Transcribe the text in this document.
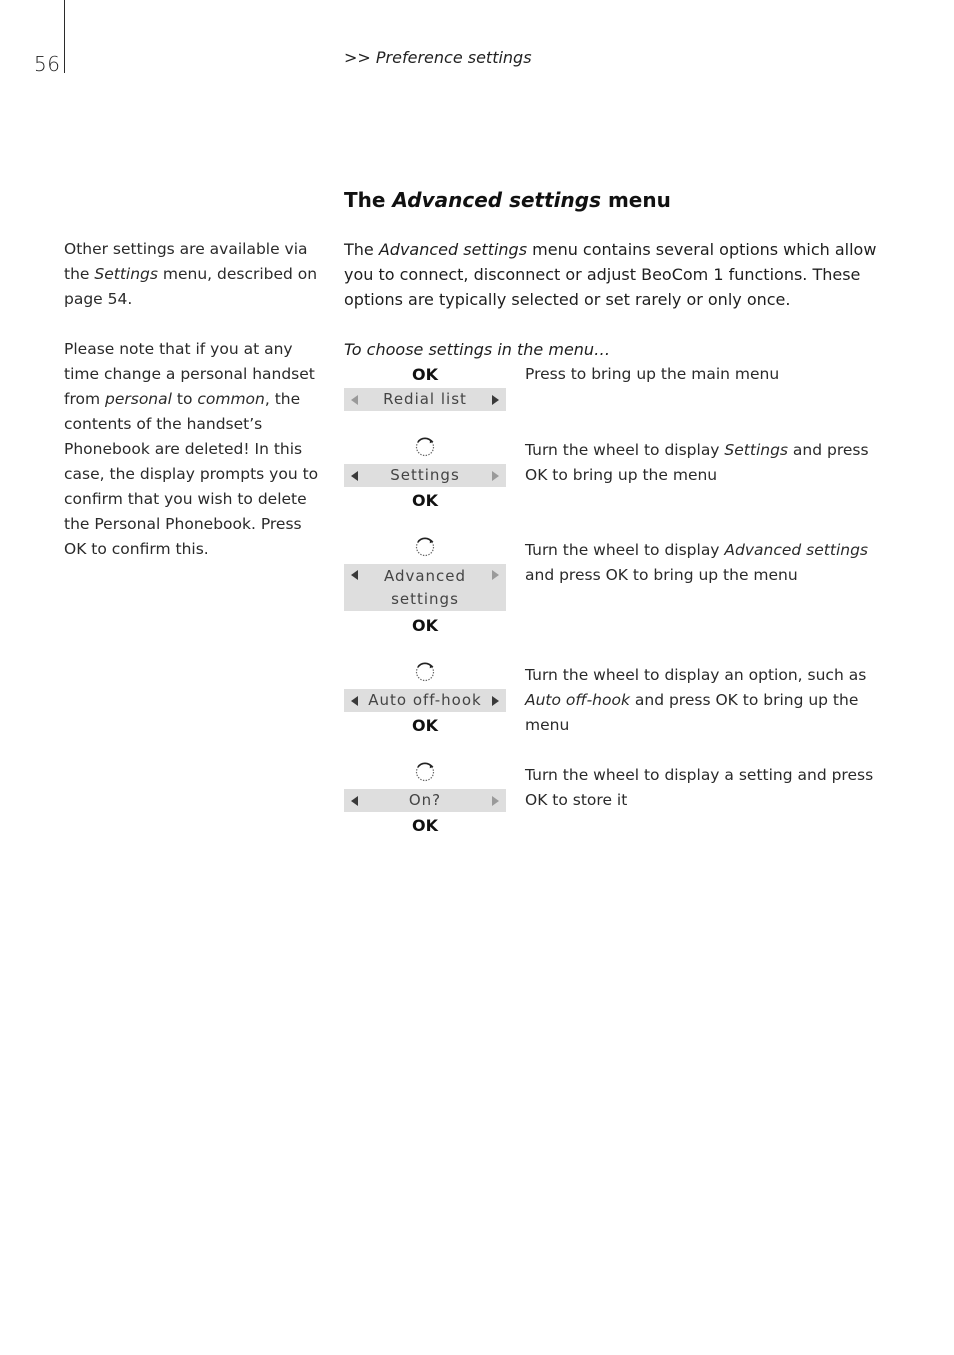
56	>> Preference settings
The Advanced settings menu
Other settings are available via the Settings menu, described on page 54.
Please note that if you at any time change a personal handset from personal to common, the contents of the handset’s Phonebook are deleted! In this case, the display prompts you to confirm that you wish to delete the Personal Phonebook. Press OK to confirm this.
The Advanced settings menu contains several options which allow you to connect, disconnect or adjust BeoCom 1 functions. These options are typically selected or set rarely or only once.
To choose settings in the menu…
OK
Redial list
Press to bring up the main menu
Settings
OK
Turn the wheel to display Settings and press OK to bring up the menu
Advanced
settings
OK
Turn the wheel to display Advanced settings and press OK to bring up the menu
Auto off-hook
OK
Turn the wheel to display an option, such as Auto off-hook and press OK to bring up the menu
On?
OK
Turn the wheel to display a setting and press OK to store it
